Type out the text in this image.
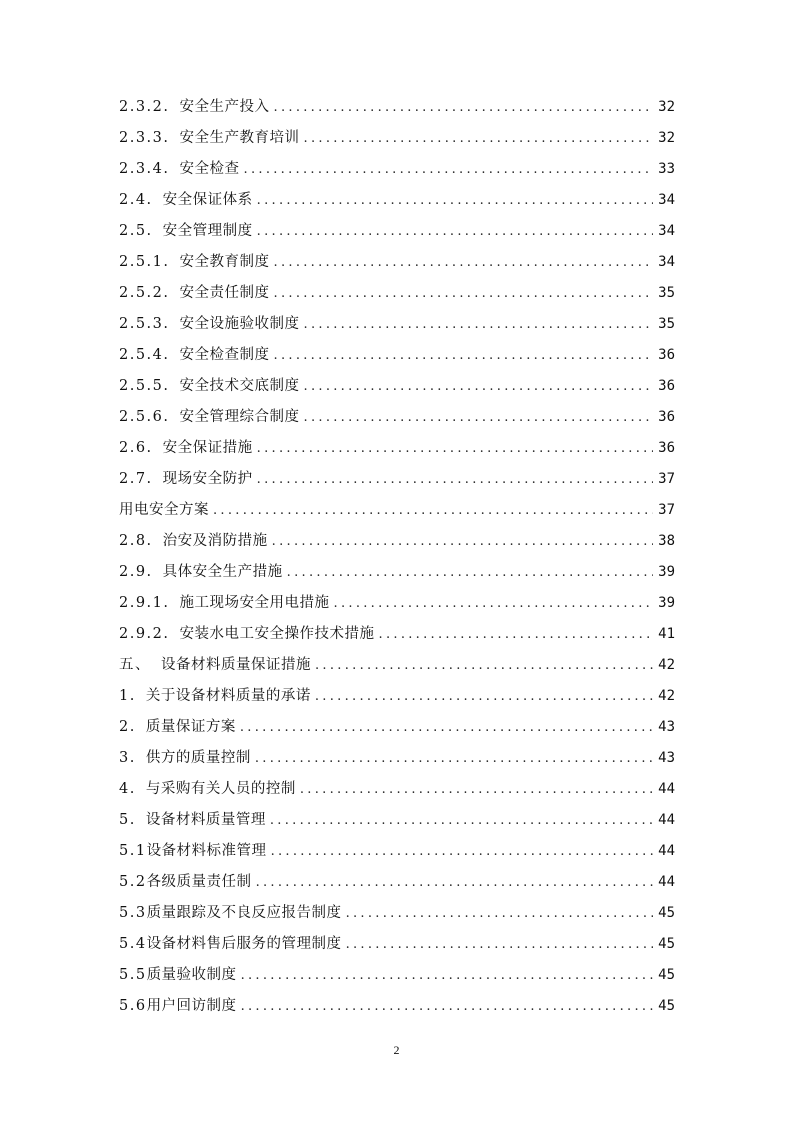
2.3.2. 安全生产投入 .....	32
2.3.3. 安全生产教育培训 .....	32
2.3.4. 安全检查 .....	33
2.4. 安全保证体系 .....	34
2.5. 安全管理制度 .....	34
2.5.1. 安全教育制度 .....	34
2.5.2. 安全责任制度 .....	35
2.5.3. 安全设施验收制度 .....	35
2.5.4. 安全检查制度 .....	36
2.5.5. 安全技术交底制度 .....	36
2.5.6. 安全管理综合制度 .....	36
2.6. 安全保证措施 .....	36
2.7. 现场安全防护 .....	37
用电安全方案 .....	37
2.8. 治安及消防措施 .....	38
2.9. 具体安全生产措施 .....	39
2.9.1. 施工现场安全用电措施 .....	39
2.9.2. 安装水电工安全操作技术措施 .....	41
五、 设备材料质量保证措施 .....	42
1. 关于设备材料质量的承诺 .....	42
2. 质量保证方案 .....	43
3. 供方的质量控制 .....	43
4. 与采购有关人员的控制 .....	44
5. 设备材料质量管理 .....	44
5.1 设备材料标准管理 .....	44
5.2 各级质量责任制 .....	44
5.3 质量跟踪及不良反应报告制度 .....	45
5.4 设备材料售后服务的管理制度 .....	45
5.5 质量验收制度 .....	45
5.6 用户回访制度 .....	45
2
